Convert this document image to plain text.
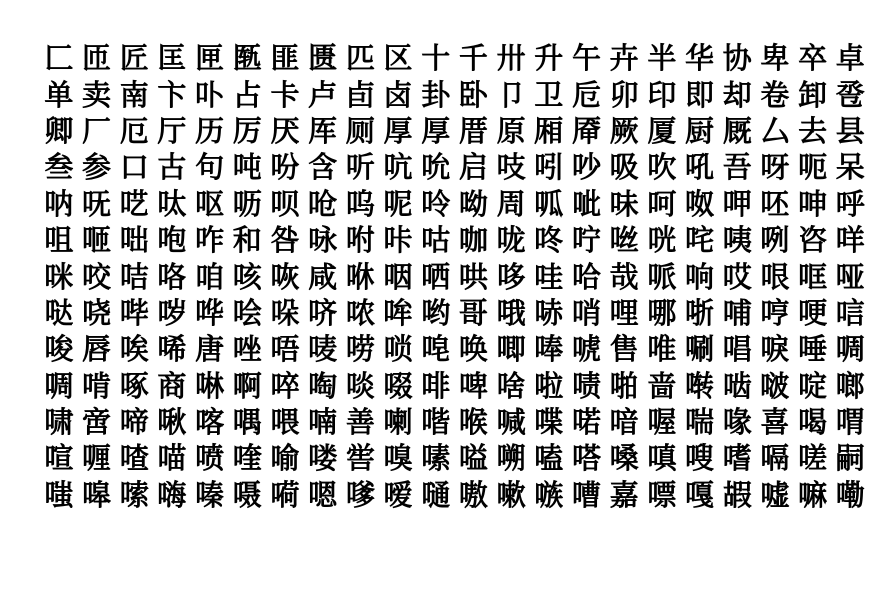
匚 匝 匠 匡 匣 匦 匪 匮 匹 区 十 千 卅 升 午 卉 半 华 协 卑 卒 卓
单 卖 南 卞 卟 占 卡 卢 卣 卤 卦 卧 卩 卫 卮 卯 印 即 却 卷 卸 卺
卿 厂 厄 厅 历 厉 厌 厍 厕 厚 厚 厝 原 厢 厣 厥 厦 厨 厩 厶 去 县
叁 参 口 古 句 吨 吩 含 听 吭 吮 启 吱 吲 吵 吸 吹 吼 吾 呀 呃 呆
呐 呒 呓 呔 呕 呖 呗 呛 呜 呢 呤 呦 周 呱 呲 味 呵 呶 呷 呸 呻 呼
咀 咂 咄 咆 咋 和 咎 咏 咐 咔 咕 咖 咙 咚 咛 咝 咣 咤 咦 咧 咨 咩
咪 咬 咭 咯 咱 咳 咴 咸 咻 咽 哂 哄 哆 哇 哈 哉 哌 响 哎 哏 哐 哑
哒 哓 哔 哕 哗 哙 哚 哜 哝 哞 哟 哥 哦 哧 哨 哩 哪 哳 哺 哼 哽 唁
唆 唇 唉 唏 唐 唑 唔 唛 唠 唢 唣 唤 唧 唪 唬 售 唯 唰 唱 唳 唾 啁
啁 啃 啄 商 啉 啊 啐 啕 啖 啜 啡 啤 啥 啦 啧 啪 啬 啭 啮 啵 啶 啷
啸 啻 啼 啾 喀 喁 喂 喃 善 喇 喈 喉 喊 喋 喏 喑 喔 喘 喙 喜 喝 喟
喧 喱 喳 喵 喷 喹 喻 喽 喾 嗅 嗉 嗌 嗍 嗑 嗒 嗓 嗔 嗖 嗜 嗝 嗟 嗣
嗤 嗥 嗦 嗨 嗪 嗫 嗬 嗯 嗲 嗳 嗵 嗷 嗽 嗾 嘈 嘉 嘌 嘎 嘏 嘘 嘛 嘞
